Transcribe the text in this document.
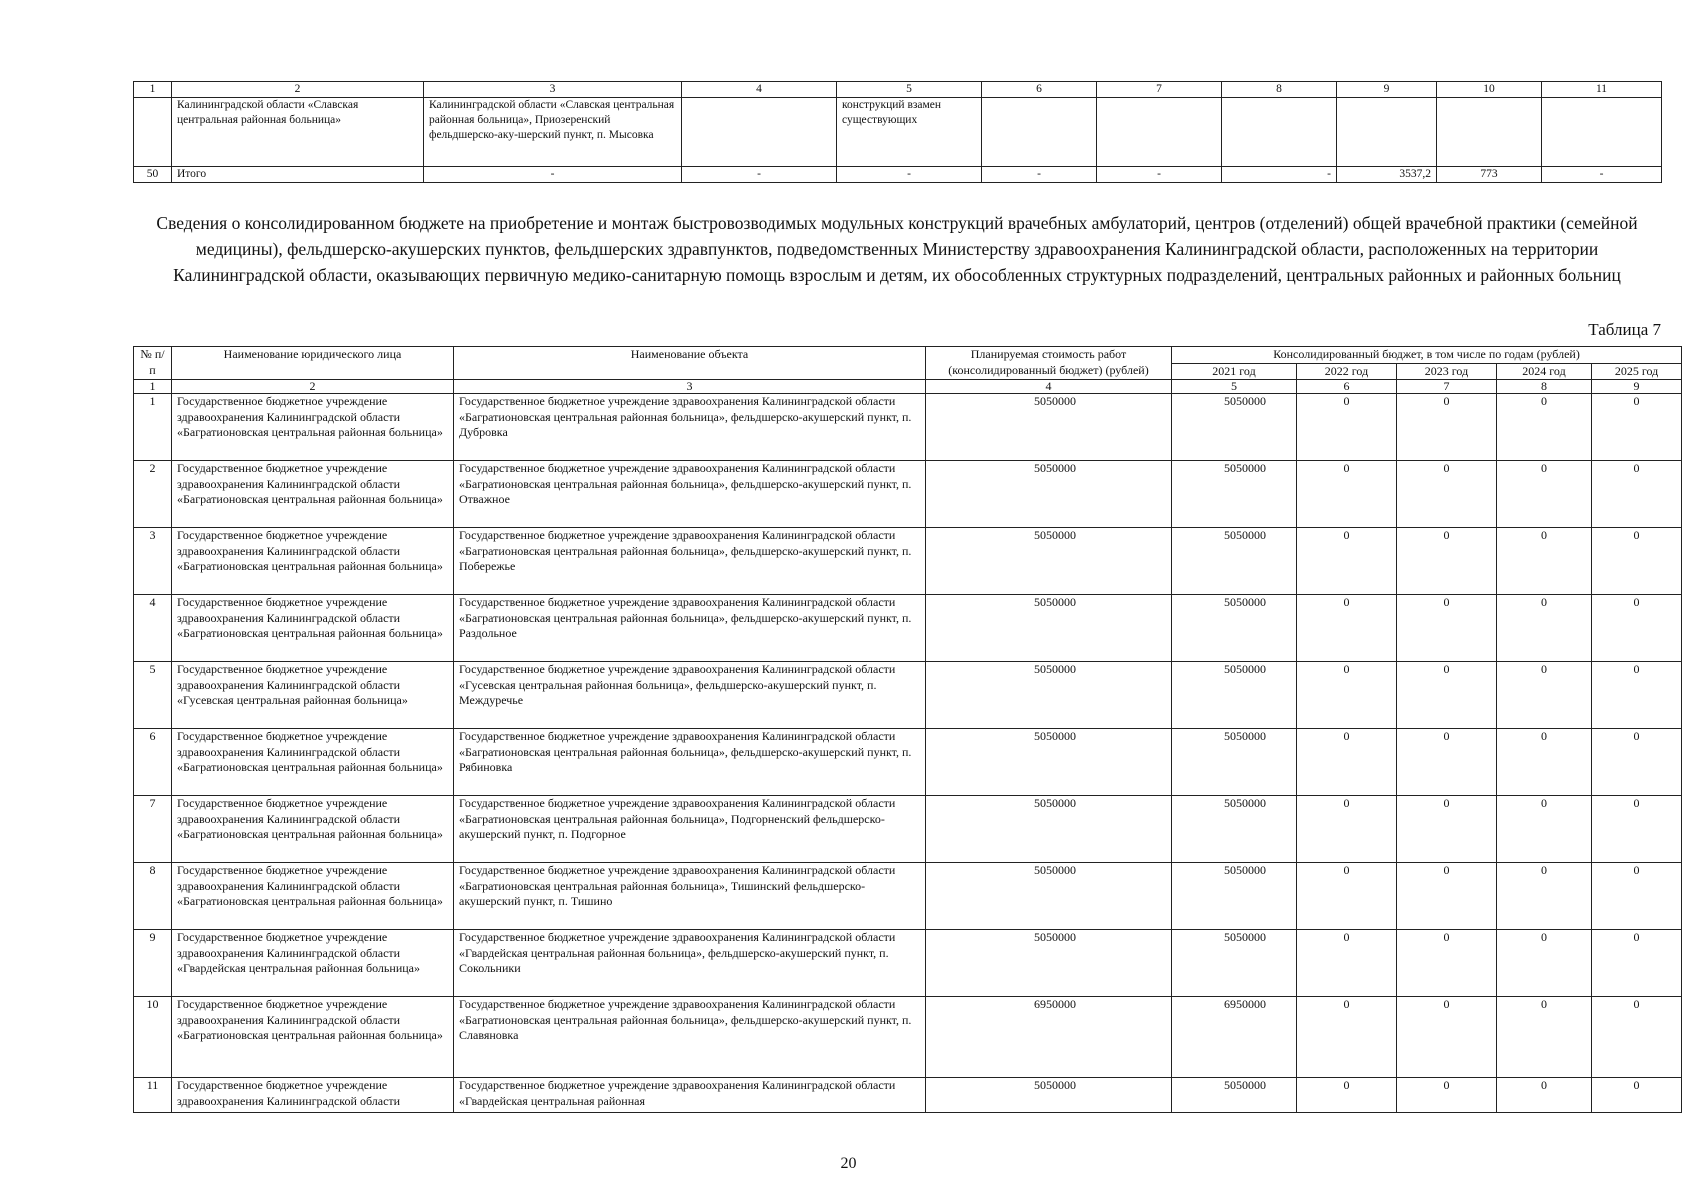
1	2	3	4	5	6	7	8	9	10	11
	Калининградской области «Славская центральная районная больница»	Калининградской области «Славская центральная районная больница», Приозеренский фельдшерско-аку-шерский пункт, п. Мысовка		конструкций взамен существующих						
50	Итого	-	-	-	-	-	-	3537,2	773	-
Сведения о консолидированном бюджете на приобретение и монтаж быстровозводимых модульных конструкций врачебных амбулаторий, центров (отделений) общей врачебной практики (семейной медицины), фельдшерско-акушерских пунктов, фельдшерских здравпунктов, подведомственных Министерству здравоохранения Калининградской области, расположенных на территории Калининградской области, оказывающих первичную медико-санитарную помощь взрослым и детям, их обособленных структурных подразделений, центральных районных и районных больниц
Таблица 7
№ п/п	Наименование юридического лица	Наименование объекта	Планируемая стоимость работ (консолидированный бюджет) (рублей)	Консолидированный бюджет, в том числе по годам (рублей)				
				2021 год	2022 год	2023 год	2024 год	2025 год
1	2	3	4	5	6	7	8	9
1	Государственное бюджетное учреждение здравоохранения Калининградской области «Багратионовская центральная районная больница»	Государственное бюджетное учреждение здравоохранения Калининградской области «Багратионовская центральная районная больница», фельдшерско-акушерский пункт, п. Дубровка	5050000	5050000	0	0	0	0
2	Государственное бюджетное учреждение здравоохранения Калининградской области «Багратионовская центральная районная больница»	Государственное бюджетное учреждение здравоохранения Калининградской области «Багратионовская центральная районная больница», фельдшерско-акушерский пункт, п. Отважное	5050000	5050000	0	0	0	0
3	Государственное бюджетное учреждение здравоохранения Калининградской области «Багратионовская центральная районная больница»	Государственное бюджетное учреждение здравоохранения Калининградской области «Багратионовская центральная районная больница», фельдшерско-акушерский пункт, п. Побережье	5050000	5050000	0	0	0	0
4	Государственное бюджетное учреждение здравоохранения Калининградской области «Багратионовская центральная районная больница»	Государственное бюджетное учреждение здравоохранения Калининградской области «Багратионовская центральная районная больница», фельдшерско-акушерский пункт, п. Раздольное	5050000	5050000	0	0	0	0
5	Государственное бюджетное учреждение здравоохранения Калининградской области «Гусевская центральная районная больница»	Государственное бюджетное учреждение здравоохранения Калининградской области «Гусевская центральная районная больница», фельдшерско-акушерский пункт, п. Междуречье	5050000	5050000	0	0	0	0
6	Государственное бюджетное учреждение здравоохранения Калининградской области «Багратионовская центральная районная больница»	Государственное бюджетное учреждение здравоохранения Калининградской области «Багратионовская центральная районная больница», фельдшерско-акушерский пункт, п. Рябиновка	5050000	5050000	0	0	0	0
7	Государственное бюджетное учреждение здравоохранения Калининградской области «Багратионовская центральная районная больница»	Государственное бюджетное учреждение здравоохранения Калининградской области «Багратионовская центральная районная больница», Подгорненский фельдшерско-акушерский пункт, п. Подгорное	5050000	5050000	0	0	0	0
8	Государственное бюджетное учреждение здравоохранения Калининградской области «Багратионовская центральная районная больница»	Государственное бюджетное учреждение здравоохранения Калининградской области «Багратионовская центральная районная больница», Тишинский фельдшерско-акушерский пункт, п. Тишино	5050000	5050000	0	0	0	0
9	Государственное бюджетное учреждение здравоохранения Калининградской области «Гвардейская центральная районная больница»	Государственное бюджетное учреждение здравоохранения Калининградской области «Гвардейская центральная районная больница», фельдшерско-акушерский пункт, п. Сокольники	5050000	5050000	0	0	0	0
10	Государственное бюджетное учреждение здравоохранения Калининградской области «Багратионовская центральная районная больница»	Государственное бюджетное учреждение здравоохранения Калининградской области «Багратионовская центральная районная больница», фельдшерско-акушерский пункт, п. Славяновка	6950000	6950000	0	0	0	0
11	Государственное бюджетное учреждение здравоохранения Калининградской области	Государственное бюджетное учреждение здравоохранения Калининградской области «Гвардейская центральная районная	5050000	5050000	0	0	0	0
20
